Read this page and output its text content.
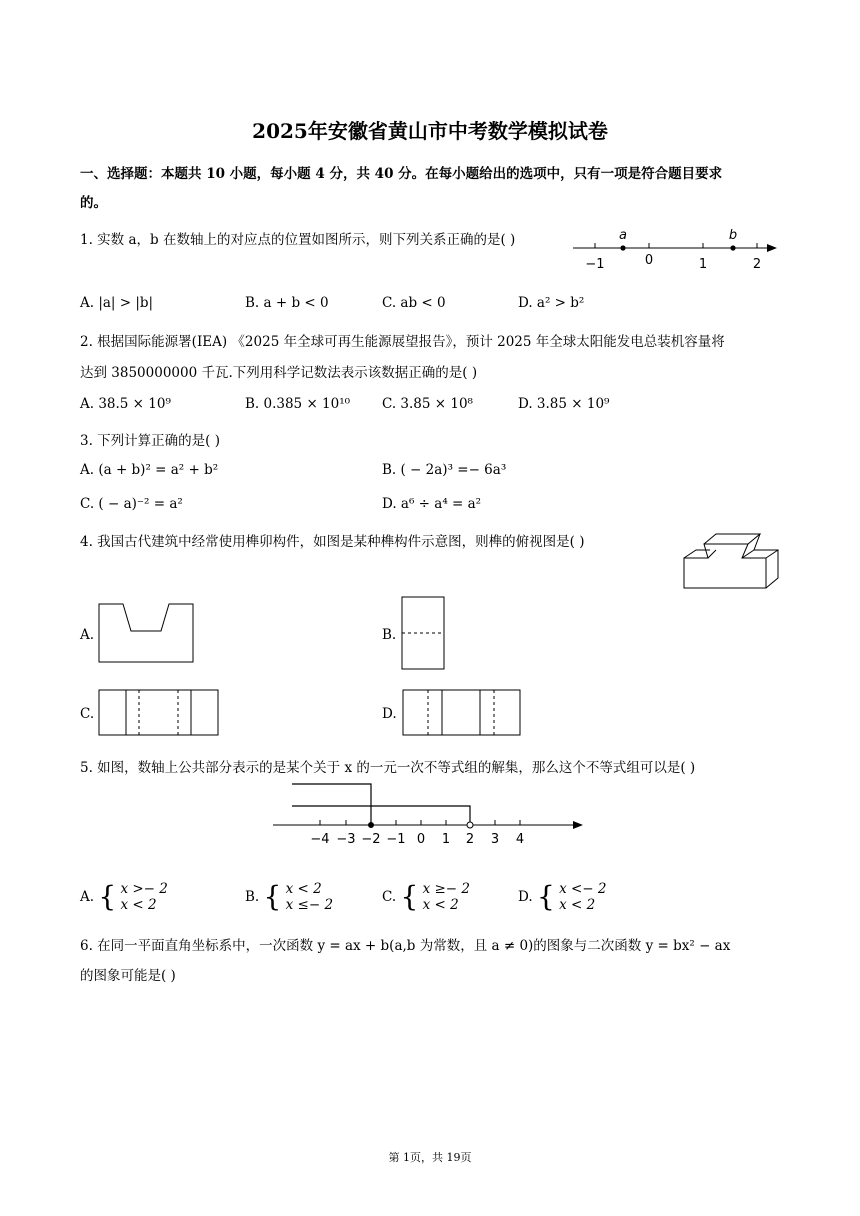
2025年安徽省黄山市中考数学模拟试卷
一、选择题：本题共 10 小题，每小题 4 分，共 40 分。在每小题给出的选项中，只有一项是符合题目要求
的。
1. 实数 a，b 在数轴上的对应点的位置如图所示，则下列关系正确的是( )	a	b
−1	0	1	2
A. |a| > |b|	B. a + b < 0	C. ab < 0	D. a² > b²
2. 根据国际能源署(IEA) 《2025 年全球可再生能源展望报告》，预计 2025 年全球太阳能发电总装机容量将
达到 3850000000 千瓦.下列用科学记数法表示该数据正确的是( )
A. 38.5 × 10⁹	B. 0.385 × 10¹⁰ C. 3.85 × 10⁸	D. 3.85 × 10⁹
3. 下列计算正确的是( )
A. (a + b)² = a² + b²	B. ( − 2a)³ =− 6a³
C. ( − a)⁻² = a²	D. a⁶ ÷ a⁴ = a²
4. 我国古代建筑中经常使用榫卯构件，如图是某种榫构件示意图，则榫的俯视图是( )
A.	B.
C.	D.
5. 如图，数轴上公共部分表示的是某个关于 x 的一元一次不等式组的解集，那么这个不等式组可以是( )
−4 −3 −2 −1 0 1 2 3 4
A. { x >− 2
x < 2	B. { x < 2
x ≤− 2	C. { x ≥− 2
x < 2	D. { x <− 2
x < 2
6. 在同一平面直角坐标系中，一次函数 y = ax + b(a,b 为常数，且 a ≠ 0)的图象与二次函数 y = bx² − ax
的图象可能是( )
第 1页，共 19页
